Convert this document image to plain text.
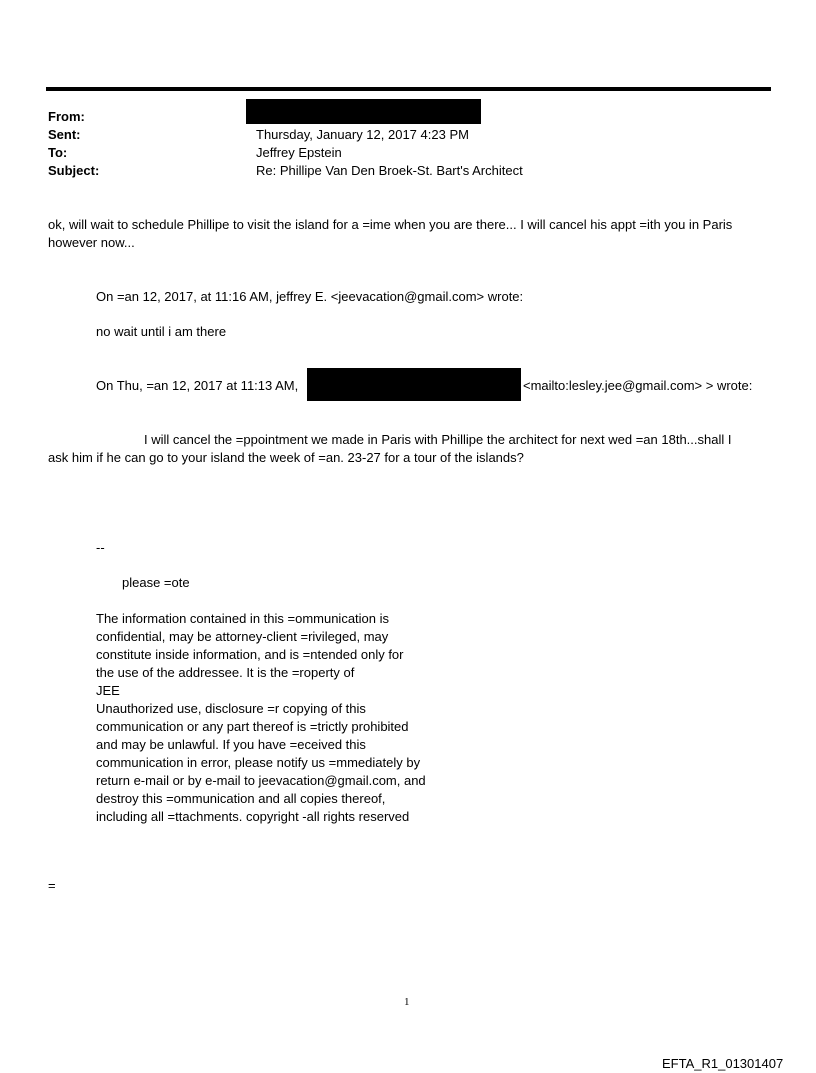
From:
Sent:	Thursday, January 12, 2017 4:23 PM
To:	Jeffrey Epstein
Subject:	Re: Phillipe Van Den Broek-St. Bart's Architect
ok, will wait to schedule Phillipe to visit the island for a =ime when you are there... I will cancel his appt =ith you in Paris
however now...
On =an 12, 2017, at 11:16 AM, jeffrey E. <jeevacation@gmail.com> wrote:
no wait until i am there
On Thu, =an 12, 2017 at 11:13 AM,	<mailto:lesley.jee@gmail.com> > wrote:
I will cancel the =ppointment we made in Paris with Phillipe the architect for next wed =an 18th...shall I
ask him if he can go to your island the week of =an. 23-27 for a tour of the islands?
--
please =ote
The information contained in this =ommunication is
confidential, may be attorney-client =rivileged, may
constitute inside information, and is =ntended only for
the use of the addressee. It is the =roperty of
JEE
Unauthorized use, disclosure =r copying of this
communication or any part thereof is =trictly prohibited
and may be unlawful. If you have =eceived this
communication in error, please notify us =mmediately by
return e-mail or by e-mail to jeevacation@gmail.com, and
destroy this =ommunication and all copies thereof,
including all =ttachments. copyright -all rights reserved
=
1
EFTA_R1_01301407
